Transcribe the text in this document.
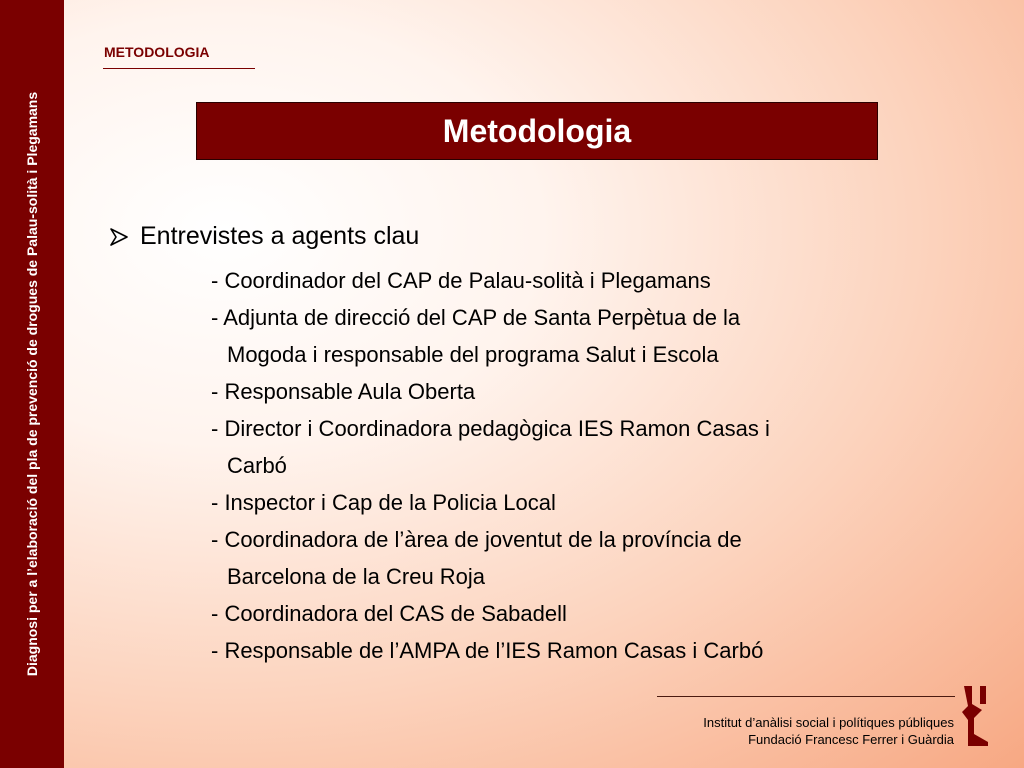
Diagnosi per a l’elaboració del pla de prevenció de drogues de Palau-solità i Plegamans
METODOLOGIA
Metodologia
Entrevistes a agents clau
- Coordinador del CAP de Palau-solità i Plegamans
- Adjunta de direcció del CAP de Santa Perpètua de la
Mogoda i responsable del programa Salut i Escola
- Responsable Aula Oberta
- Director i Coordinadora pedagògica IES Ramon Casas i
Carbó
- Inspector i Cap de la Policia Local
- Coordinadora de l’àrea de joventut de la província de
Barcelona de la Creu Roja
- Coordinadora del CAS de Sabadell
- Responsable de l’AMPA de l’IES Ramon Casas i Carbó
Institut d’anàlisi social i polítiques públiques
Fundació Francesc Ferrer i Guàrdia
